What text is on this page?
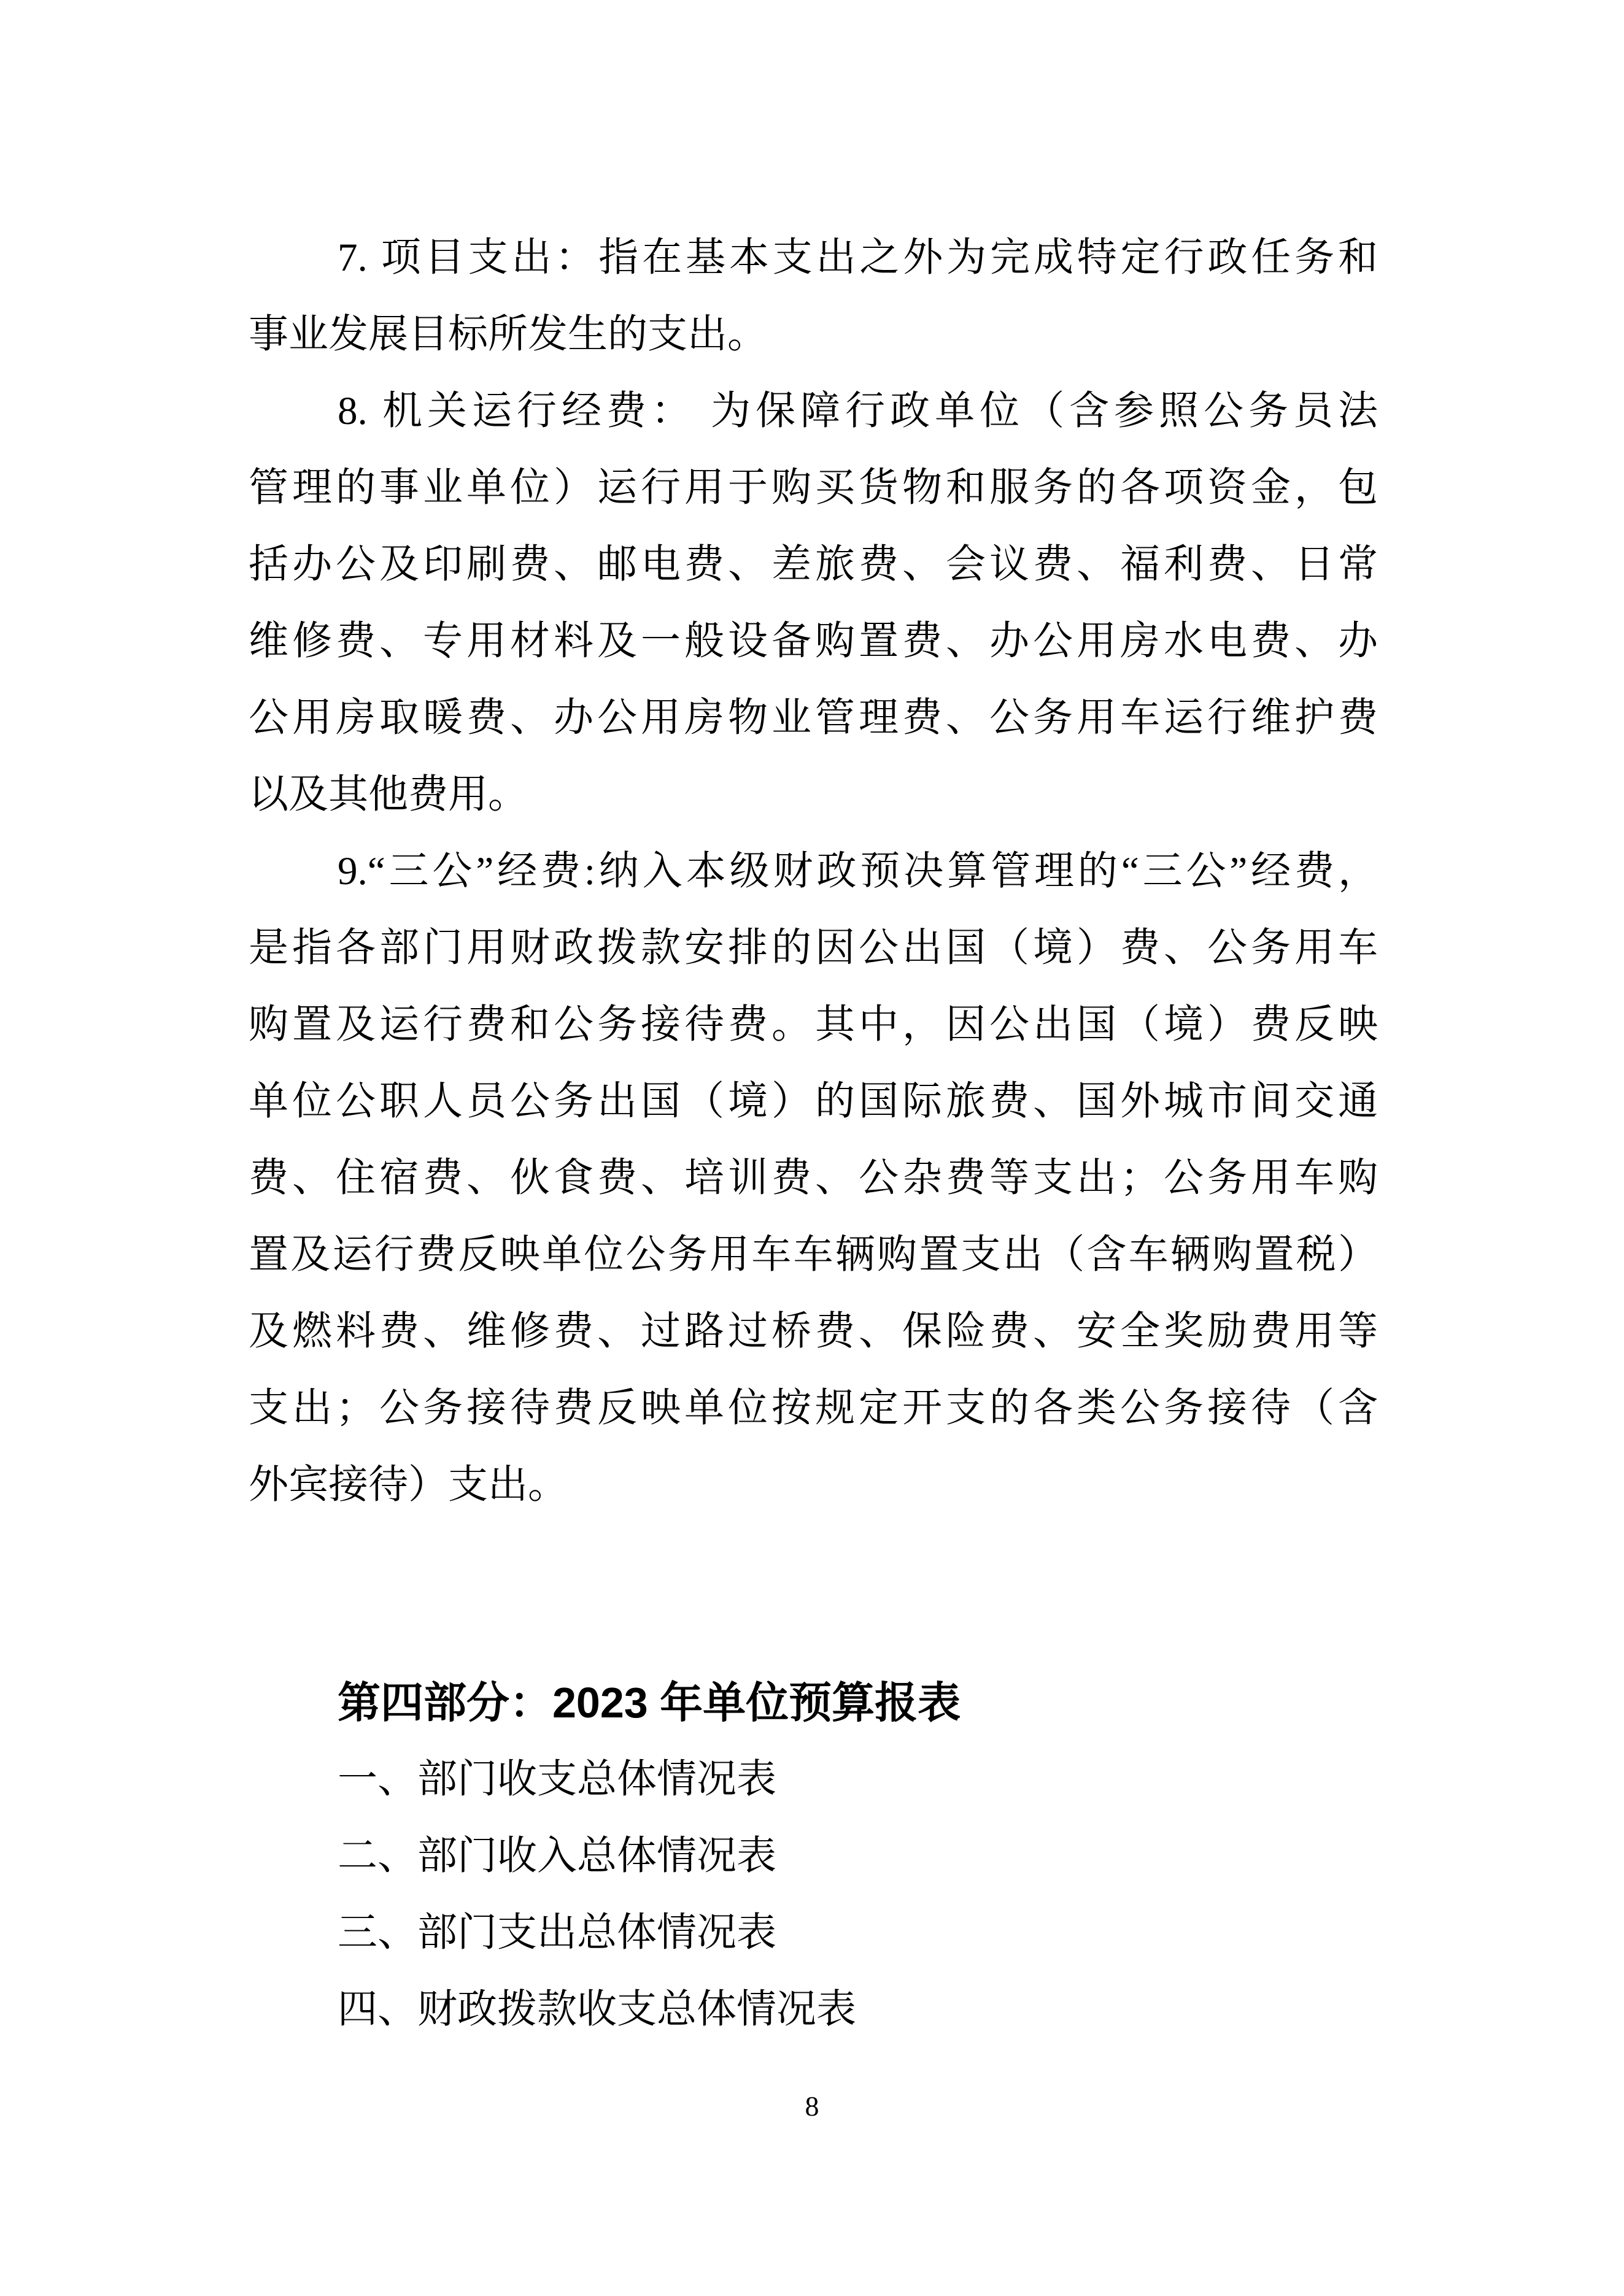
7. 项目支出：指在基本支出之外为完成特定行政任务和
事业发展目标所发生的支出。
8. 机关运行经费： 为保障行政单位（含参照公务员法
管理的事业单位）运行用于购买货物和服务的各项资金，包
括办公及印刷费、邮电费、差旅费、会议费、福利费、日常
维修费、专用材料及一般设备购置费、办公用房水电费、办
公用房取暖费、办公用房物业管理费、公务用车运行维护费
以及其他费用。
9.“三公”经费:纳入本级财政预决算管理的“三公”经费，
是指各部门用财政拨款安排的因公出国（境）费、公务用车
购置及运行费和公务接待费。其中，因公出国（境）费反映
单位公职人员公务出国（境）的国际旅费、国外城市间交通
费、住宿费、伙食费、培训费、公杂费等支出；公务用车购
置及运行费反映单位公务用车车辆购置支出（含车辆购置税）
及燃料费、维修费、过路过桥费、保险费、安全奖励费用等
支出；公务接待费反映单位按规定开支的各类公务接待（含
外宾接待）支出。
第四部分：2023 年单位预算报表
一、部门收支总体情况表
二、部门收入总体情况表
三、部门支出总体情况表
四、财政拨款收支总体情况表
8
